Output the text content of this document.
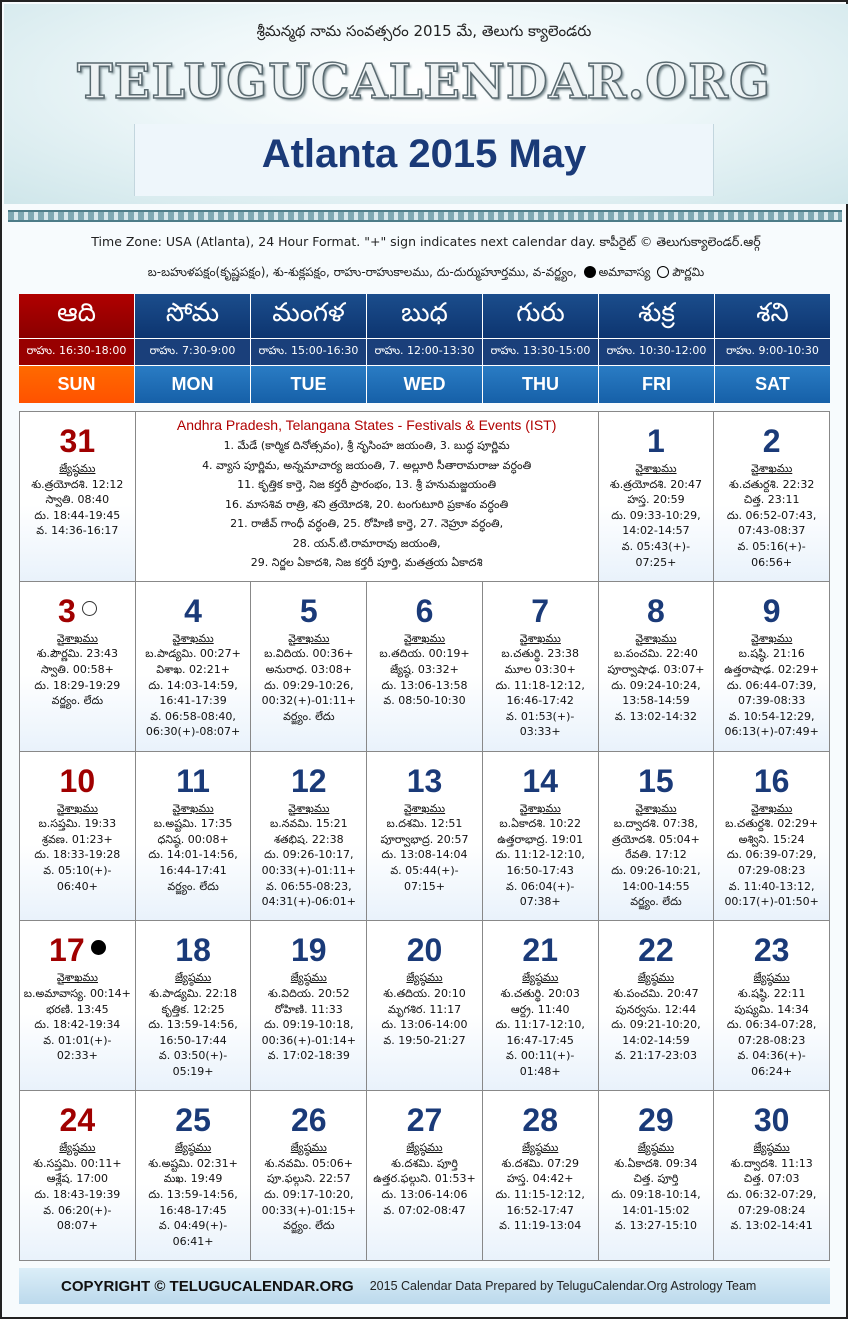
శ్రీమన్మథ నామ సంవత్సరం 2015 మే, తెలుగు క్యాలెండరు
TELUGUCALENDAR.ORG
Atlanta 2015 May
Time Zone: USA (Atlanta), 24 Hour Format. "+" sign indicates next calendar day. కాపీరైట్ © తెలుగుక్యాలెండర్.ఆర్గ్
బ-బహుళపక్షం(కృష్ణపక్షం), శు-శుక్లపక్షం, రాహు-రాహుకాలము, దు-దుర్ముహూర్తము, వ-వర్జ్యం, అమావాస్య పౌర్ణమి
ఆది
రాహు. 16:30-18:00
SUN
సోమ
రాహు. 7:30-9:00
MON
మంగళ
రాహు. 15:00-16:30
TUE
బుధ
రాహు. 12:00-13:30
WED
గురు
రాహు. 13:30-15:00
THU
శుక్ర
రాహు. 10:30-12:00
FRI
శని
రాహు. 9:00-10:30
SAT
Andhra Pradesh, Telangana States - Festivals & Events (IST)
1. మేడే (కార్మిక దినోత్సవం), శ్రీ నృసింహ జయంతి, 3. బుద్ధ పూర్ణిమ
4. వ్యాస పూర్ణిమ, అన్నమాచార్య జయంతి, 7. అల్లూరి సీతారామరాజు వర్ధంతి
11. కృత్తిక కార్తె, నిజ కర్తరీ ప్రారంభం, 13. శ్రీ హనుమజ్జయంతి
16. మాసశివ రాత్రి, శని త్రయోదశి, 20. టంగుటూరి ప్రకాశం వర్ధంతి
21. రాజీవ్ గాంధీ వర్ధంతి, 25. రోహిణి కార్తె, 27. నెహ్రూ వర్ధంతి,
28. యన్.టి.రామారావు జయంతి,
29. నిర్జల ఏకాదశి, నిజ కర్తరీ పూర్తి, మతత్రయ ఏకాదశి
31
జ్యేష్ఠము
శు.త్రయోదశి. 12:12
స్వాతి. 08:40
దు. 18:44-19:45
వ. 14:36-16:17
1
వైశాఖము
శు.త్రయోదశి. 20:47
హస్త. 20:59
దు. 09:33-10:29,
14:02-14:57
వ. 05:43(+)-
07:25+
2
వైశాఖము
శు.చతుర్దశి. 22:32
చిత్త. 23:11
దు. 06:52-07:43,
07:43-08:37
వ. 05:16(+)-
06:56+
3
వైశాఖము
శు.పౌర్ణమి. 23:43
స్వాతి. 00:58+
దు. 18:29-19:29
వర్జ్యం. లేదు
4
వైశాఖము
బ.పాడ్యమి. 00:27+
విశాఖ. 02:21+
దు. 14:03-14:59,
16:41-17:39
వ. 06:58-08:40,
06:30(+)-08:07+
5
వైశాఖము
బ.విదియ. 00:36+
అనురాధ. 03:08+
దు. 09:29-10:26,
00:32(+)-01:11+
వర్జ్యం. లేదు
6
వైశాఖము
బ.తదియ. 00:19+
జ్యేష్ఠ. 03:32+
దు. 13:06-13:58
వ. 08:50-10:30
7
వైశాఖము
బ.చతుర్థి. 23:38
మూల 03:30+
దు. 11:18-12:12,
16:46-17:42
వ. 01:53(+)-
03:33+
8
వైశాఖము
బ.పంచమి. 22:40
పూర్వాషాఢ. 03:07+
దు. 09:24-10:24,
13:58-14:59
వ. 13:02-14:32
9
వైశాఖము
బ.షష్ఠి. 21:16
ఉత్తరాషాఢ. 02:29+
దు. 06:44-07:39,
07:39-08:33
వ. 10:54-12:29,
06:13(+)-07:49+
10
వైశాఖము
బ.సప్తమి. 19:33
శ్రవణ. 01:23+
దు. 18:33-19:28
వ. 05:10(+)-
06:40+
11
వైశాఖము
బ.అష్టమి. 17:35
ధనిష్ఠ. 00:08+
దు. 14:01-14:56,
16:44-17:41
వర్జ్యం. లేదు
12
వైశాఖము
బ.నవమి. 15:21
శతభిష. 22:38
దు. 09:26-10:17,
00:33(+)-01:11+
వ. 06:55-08:23,
04:31(+)-06:01+
13
వైశాఖము
బ.దశమి. 12:51
పూర్వాభాద్ర. 20:57
దు. 13:08-14:04
వ. 05:44(+)-
07:15+
14
వైశాఖము
బ.ఏకాదశి. 10:22
ఉత్తరాభాద్ర. 19:01
దు. 11:12-12:10,
16:50-17:43
వ. 06:04(+)-
07:38+
15
వైశాఖము
బ.ద్వాదశి. 07:38,
త్రయోదశి. 05:04+
రేవతి. 17:12
దు. 09:26-10:21,
14:00-14:55
వర్జ్యం. లేదు
16
వైశాఖము
బ.చతుర్దశి. 02:29+
అశ్విని. 15:24
దు. 06:39-07:29,
07:29-08:23
వ. 11:40-13:12,
00:17(+)-01:50+
17
వైశాఖము
బ.అమావాస్య. 00:14+
భరణి. 13:45
దు. 18:42-19:34
వ. 01:01(+)-
02:33+
18
జ్యేష్ఠము
శు.పాడ్యమి. 22:18
కృత్తిక. 12:25
దు. 13:59-14:56,
16:50-17:44
వ. 03:50(+)-
05:19+
19
జ్యేష్ఠము
శు.విదియ. 20:52
రోహిణి. 11:33
దు. 09:19-10:18,
00:36(+)-01:14+
వ. 17:02-18:39
20
జ్యేష్ఠము
శు.తదియ. 20:10
మృగశిర. 11:17
దు. 13:06-14:00
వ. 19:50-21:27
21
జ్యేష్ఠము
శు.చతుర్థి. 20:03
ఆర్ద్ర. 11:40
దు. 11:17-12:10,
16:47-17:45
వ. 00:11(+)-
01:48+
22
జ్యేష్ఠము
శు.పంచమి. 20:47
పునర్వసు. 12:44
దు. 09:21-10:20,
14:02-14:59
వ. 21:17-23:03
23
జ్యేష్ఠము
శు.షష్ఠి. 22:11
పుష్యమి. 14:34
దు. 06:34-07:28,
07:28-08:23
వ. 04:36(+)-
06:24+
24
జ్యేష్ఠము
శు.సప్తమి. 00:11+
ఆశ్లేష. 17:00
దు. 18:43-19:39
వ. 06:20(+)-
08:07+
25
జ్యేష్ఠము
శు.అష్టమి. 02:31+
మఖ. 19:49
దు. 13:59-14:56,
16:48-17:45
వ. 04:49(+)-
06:41+
26
జ్యేష్ఠము
శు.నవమి. 05:06+
పూ.ఫల్గుని. 22:57
దు. 09:17-10:20,
00:33(+)-01:15+
వర్జ్యం. లేదు
27
జ్యేష్ఠము
శు.దశమి. పూర్తి
ఉత్తర.ఫల్గుని. 01:53+
దు. 13:06-14:06
వ. 07:02-08:47
28
జ్యేష్ఠము
శు.దశమి. 07:29
హస్త. 04:42+
దు. 11:15-12:12,
16:52-17:47
వ. 11:19-13:04
29
జ్యేష్ఠము
శు.ఏకాదశి. 09:34
చిత్త. పూర్తి
దు. 09:18-10:14,
14:01-15:02
వ. 13:27-15:10
30
జ్యేష్ఠము
శు.ద్వాదశి. 11:13
చిత్త. 07:03
దు. 06:32-07:29,
07:29-08:24
వ. 13:02-14:41
COPYRIGHT © TELUGUCALENDAR.ORG 2015 Calendar Data Prepared by TeluguCalendar.Org Astrology Team
